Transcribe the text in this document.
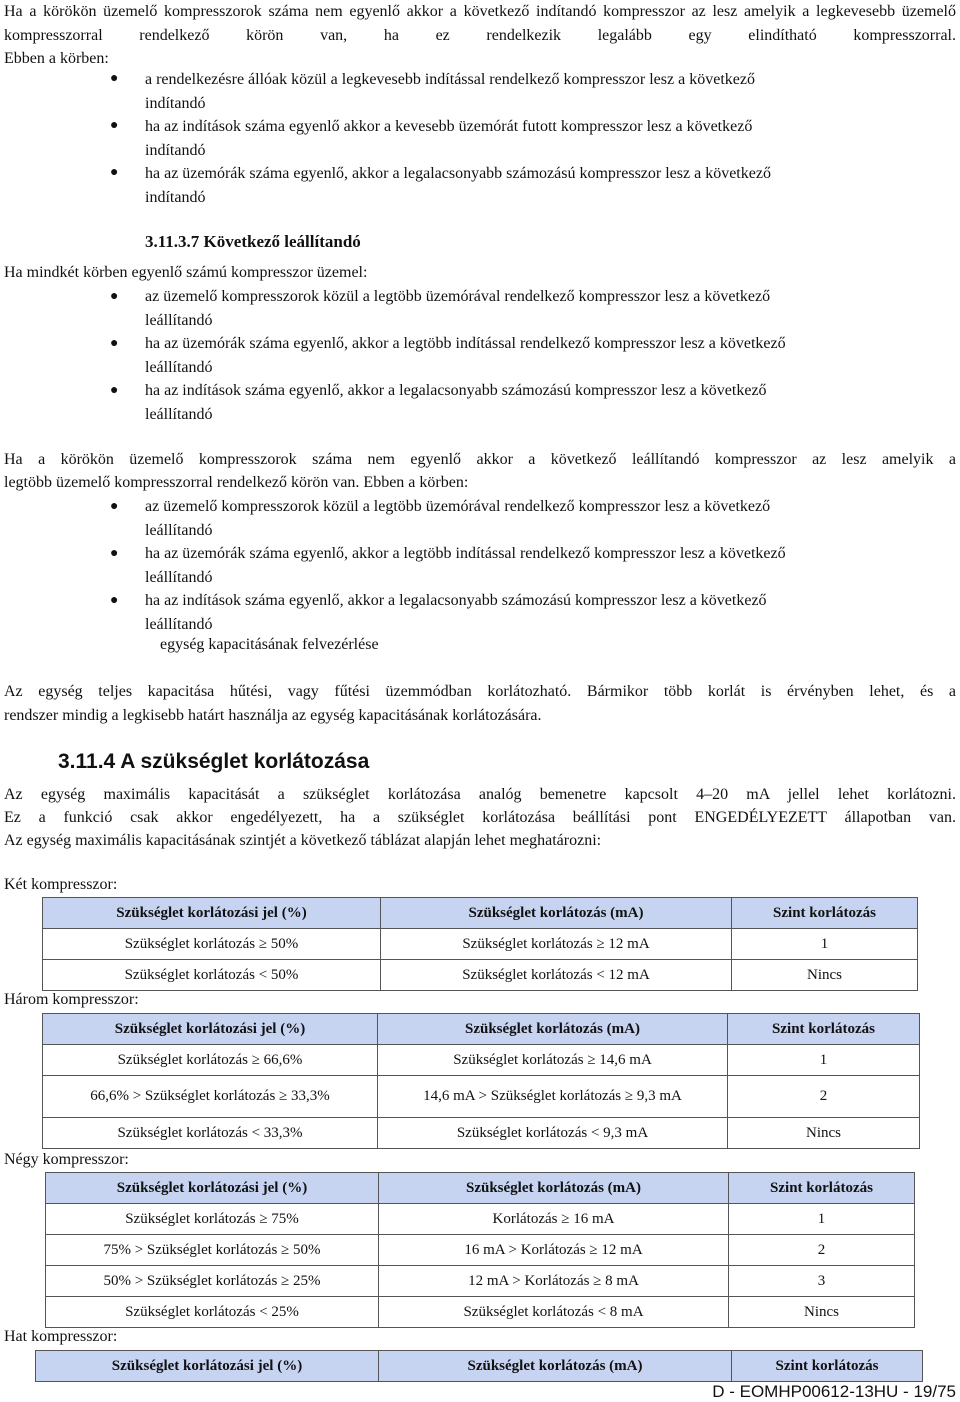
Ha a körökön üzemelő kompresszorok száma nem egyenlő akkor a következő indítandó kompresszor az lesz amelyik a legkevesebb üzemelő kompresszorral rendelkező körön van, ha ez rendelkezik legalább egy elindítható kompresszorral.

Ebben a körben:

● a rendelkezésre állóak közül a legkevesebb indítással rendelkező kompresszor lesz a következő
indítandó
● ha az indítások száma egyenlő akkor a kevesebb üzemórát futott kompresszor lesz a következő
indítandó
● ha az üzemórák száma egyenlő, akkor a legalacsonyabb számozású kompresszor lesz a következő
indítandó
3.11.3.7 Következő leállítandó

Ha mindkét körben egyenlő számú kompresszor üzemel:

● az üzemelő kompresszorok közül a legtöbb üzemórával rendelkező kompresszor lesz a következő
leállítandó
● ha az üzemórák száma egyenlő, akkor a legtöbb indítással rendelkező kompresszor lesz a következő
leállítandó
● ha az indítások száma egyenlő, akkor a legalacsonyabb számozású kompresszor lesz a következő
leállítandó

Ha a körökön üzemelő kompresszorok száma nem egyenlő akkor a következő leállítandó kompresszor az lesz amelyik a

legtöbb üzemelő kompresszorral rendelkező körön van. Ebben a körben:

● az üzemelő kompresszorok közül a legtöbb üzemórával rendelkező kompresszor lesz a következő
leállítandó
● ha az üzemórák száma egyenlő, akkor a legtöbb indítással rendelkező kompresszor lesz a következő
leállítandó
● ha az indítások száma egyenlő, akkor a legalacsonyabb számozású kompresszor lesz a következő
leállítandó
egység kapacitásának felvezérlése

Az egység teljes kapacitása hűtési, vagy fűtési üzemmódban korlátozható. Bármikor több korlát is érvényben lehet, és a

rendszer mindig a legkisebb határt használja az egység kapacitásának korlátozására.

3.11.4 A szükséglet korlátozása

Az egység maximális kapacitását a szükséglet korlátozása analóg bemenetre kapcsolt 4–20 mA jellel lehet korlátozni.

Ez a funkció csak akkor engedélyezett, ha a szükséglet korlátozása beállítási pont ENGEDÉLYEZETT állapotban van.

Az egység maximális kapacitásának szintjét a következő táblázat alapján lehet meghatározni:

Két kompresszor:
Szükséglet korlátozási jel (%)	Szükséglet korlátozás (mA)	Szint korlátozás
Szükséglet korlátozás ≥ 50%	Szükséglet korlátozás ≥ 12 mA	1
Szükséglet korlátozás < 50%	Szükséglet korlátozás < 12 mA	Nincs
Három kompresszor:
Szükséglet korlátozási jel (%)	Szükséglet korlátozás (mA)	Szint korlátozás
Szükséglet korlátozás ≥ 66,6%	Szükséglet korlátozás ≥ 14,6 mA	1
66,6% > Szükséglet korlátozás ≥ 33,3%	14,6 mA > Szükséglet korlátozás ≥ 9,3 mA	2
Szükséglet korlátozás < 33,3%	Szükséglet korlátozás < 9,3 mA	Nincs
Négy kompresszor:
Szükséglet korlátozási jel (%)	Szükséglet korlátozás (mA)	Szint korlátozás
Szükséglet korlátozás ≥ 75%	Korlátozás ≥ 16 mA	1
75% > Szükséglet korlátozás ≥ 50%	16 mA > Korlátozás ≥ 12 mA	2
50% > Szükséglet korlátozás ≥ 25%	12 mA > Korlátozás ≥ 8 mA	3
Szükséglet korlátozás < 25%	Szükséglet korlátozás < 8 mA	Nincs
Hat kompresszor:
Szükséglet korlátozási jel (%)	Szükséglet korlátozás (mA)	Szint korlátozás
D - EOMHP00612-13HU - 19/75
